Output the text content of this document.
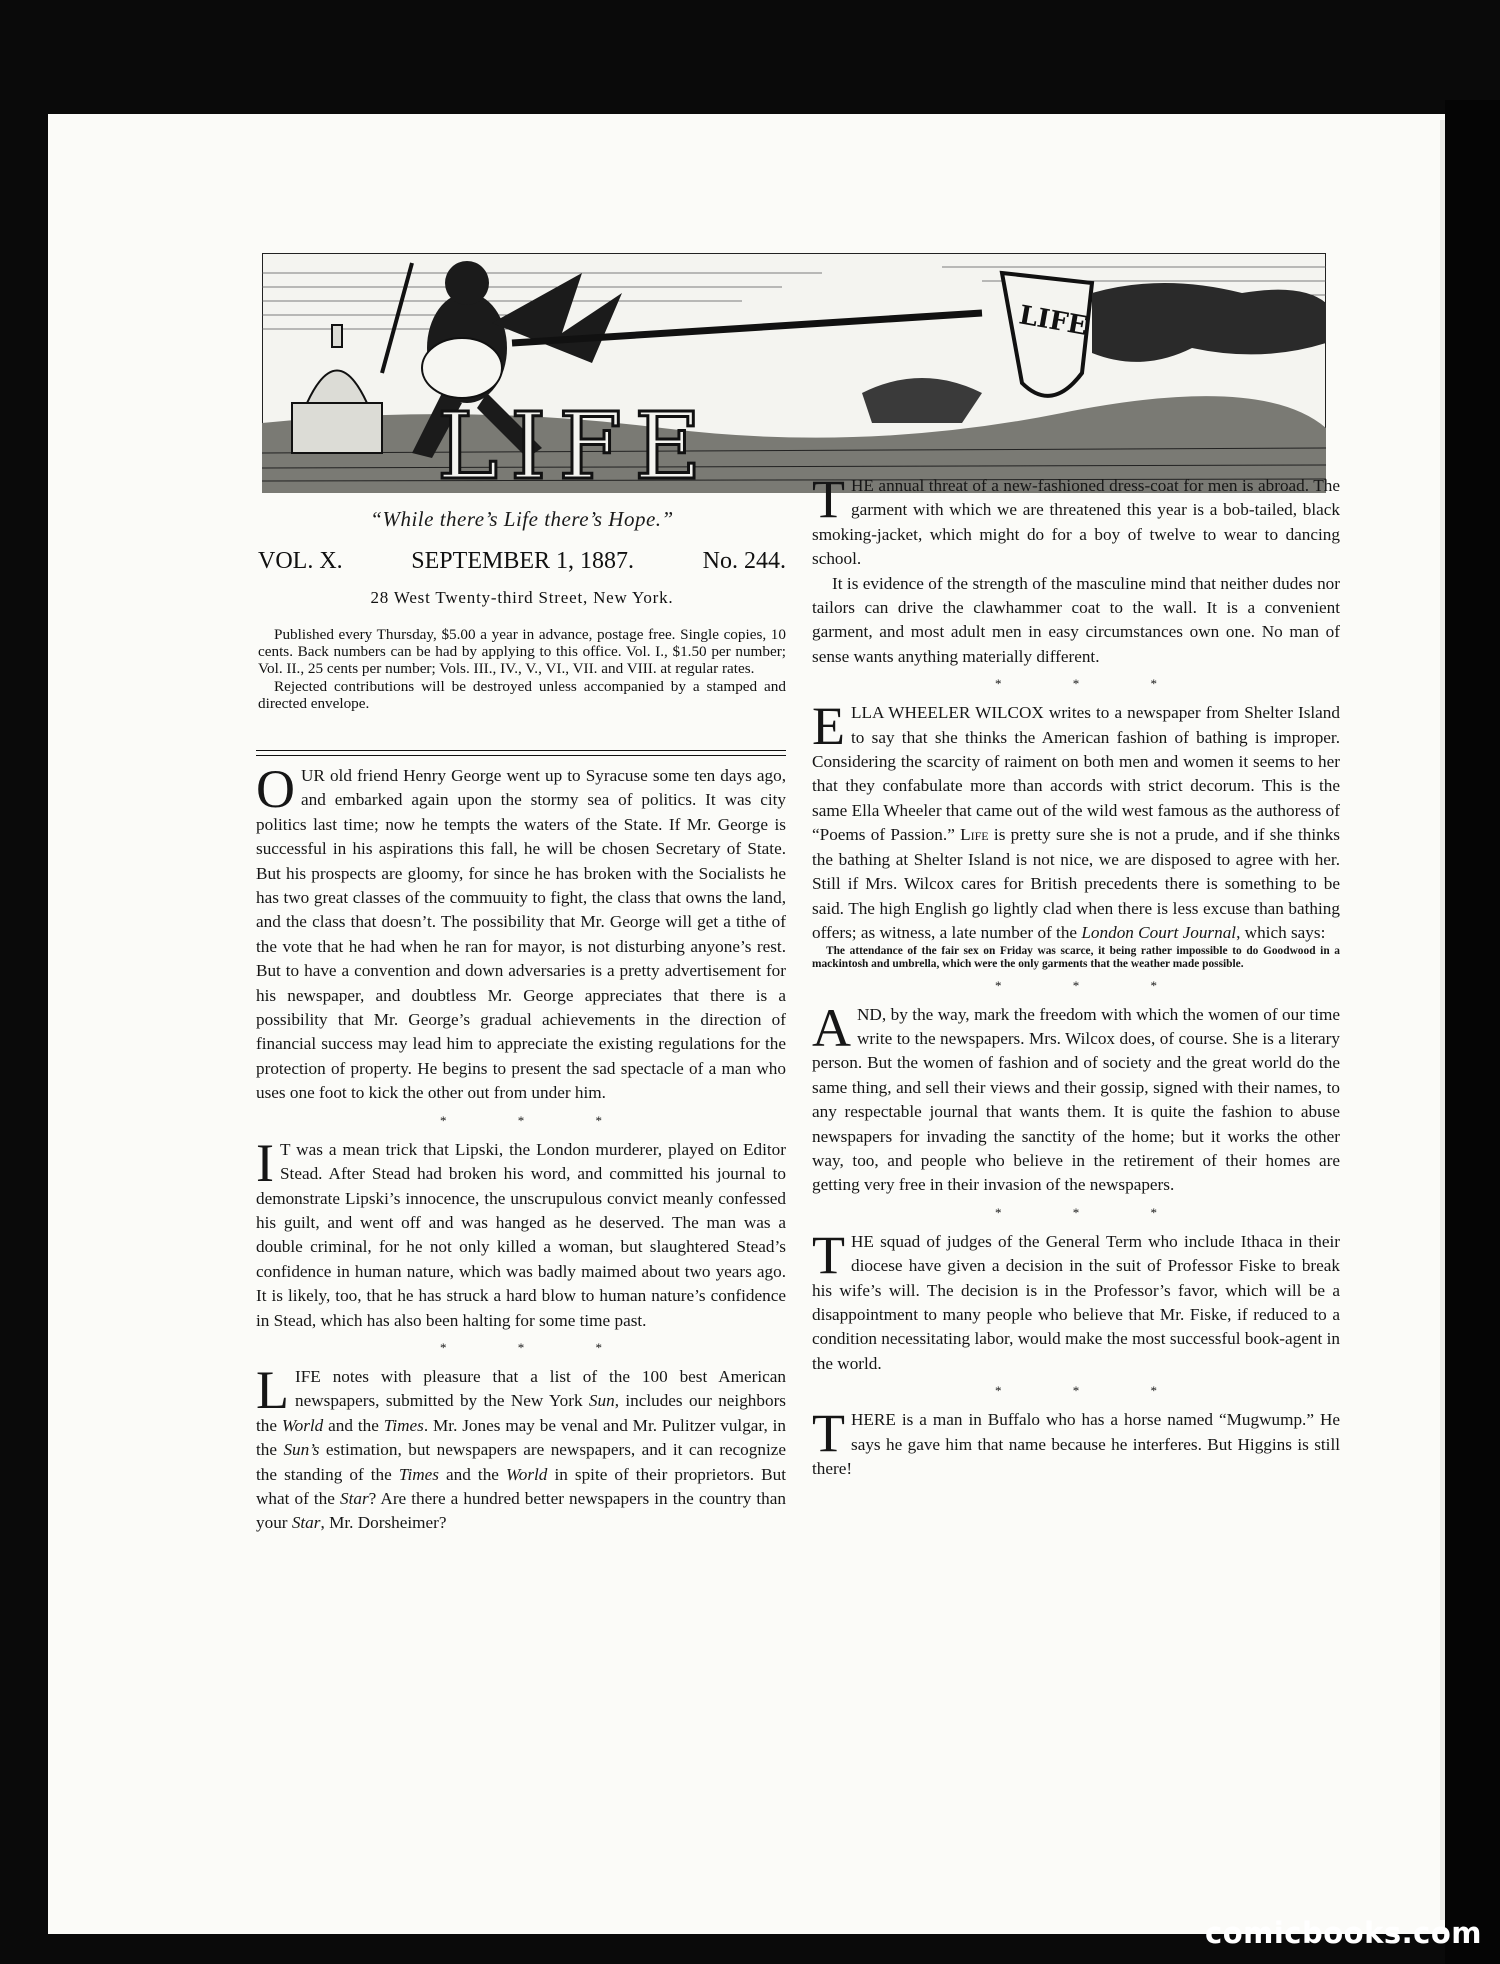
LIFE
LIFE
“While there’s Life there’s Hope.”
VOL. X.	SEPTEMBER 1, 1887.	No. 244.
28 West Twenty-third Street, New York.

Published every Thursday, $5.00 a year in advance, postage free. Single copies, 10 cents. Back numbers can be had by applying to this office. Vol. I., $1.50 per number; Vol. II., 25 cents per number; Vols. III., IV., V., VI., VII. and VIII. at regular rates.

Rejected contributions will be destroyed unless accompanied by a stamped and directed envelope.

OUR old friend Henry George went up to Syracuse some ten days ago, and embarked again upon the stormy sea of politics. It was city politics last time; now he tempts the waters of the State. If Mr. George is successful in his aspirations this fall, he will be chosen Secretary of State. But his prospects are gloomy, for since he has broken with the Socialists he has two great classes of the commuuity to fight, the class that owns the land, and the class that doesn’t. The possibility that Mr. George will get a tithe of the vote that he had when he ran for mayor, is not disturbing anyone’s rest. But to have a convention and down adversaries is a pretty advertisement for his newspaper, and doubtless Mr. George appreciates that there is a possibility that Mr. George’s gradual achievements in the direction of financial success may lead him to appreciate the existing regulations for the protection of property. He begins to present the sad spectacle of a man who uses one foot to kick the other out from under him.

* * *

I T was a mean trick that Lipski, the London murderer, played on Editor Stead. After Stead had broken his word, and committed his journal to demonstrate Lipski’s innocence, the unscrupulous convict meanly confessed his guilt, and went off and was hanged as he deserved. The man was a double criminal, for he not only killed a woman, but slaughtered Stead’s confidence in human nature, which was badly maimed about two years ago. It is likely, too, that he has struck a hard blow to human nature’s confidence in Stead, which has also been halting for some time past.

* * *

LIFE notes with pleasure that a list of the 100 best American newspapers, submitted by the New York Sun, includes our neighbors the World and the Times. Mr. Jones may be venal and Mr. Pulitzer vulgar, in the Sun’s estimation, but newspapers are newspapers, and it can recognize the standing of the Times and the World in spite of their proprietors. But what of the Star? Are there a hundred better newspapers in the country than your Star, Mr. Dorsheimer?

THE annual threat of a new-fashioned dress-coat for men is abroad. The garment with which we are threatened this year is a bob-tailed, black smoking-jacket, which might do for a boy of twelve to wear to dancing school.

It is evidence of the strength of the masculine mind that neither dudes nor tailors can drive the clawhammer coat to the wall. It is a convenient garment, and most adult men in easy circumstances own one. No man of sense wants anything materially different.

* * *

ELLA WHEELER WILCOX writes to a newspaper from Shelter Island to say that she thinks the American fashion of bathing is improper. Considering the scarcity of raiment on both men and women it seems to her that they confabulate more than accords with strict decorum. This is the same Ella Wheeler that came out of the wild west famous as the authoress of “Poems of Passion.” Life is pretty sure she is not a prude, and if she thinks the bathing at Shelter Island is not nice, we are disposed to agree with her. Still if Mrs. Wilcox cares for British precedents there is something to be said. The high English go lightly clad when there is less excuse than bathing offers; as witness, a late number of the London Court Journal, which says:

The attendance of the fair sex on Friday was scarce, it being rather impossible to do Goodwood in a mackintosh and umbrella, which were the only garments that the weather made possible.

* * *

AND, by the way, mark the freedom with which the women of our time write to the newspapers. Mrs. Wilcox does, of course. She is a literary person. But the women of fashion and of society and the great world do the same thing, and sell their views and their gossip, signed with their names, to any respectable journal that wants them. It is quite the fashion to abuse newspapers for invading the sanctity of the home; but it works the other way, too, and people who believe in the retirement of their homes are getting very free in their invasion of the newspapers.

* * *

THE squad of judges of the General Term who include Ithaca in their diocese have given a decision in the suit of Professor Fiske to break his wife’s will. The decision is in the Professor’s favor, which will be a disappointment to many people who believe that Mr. Fiske, if reduced to a condition necessitating labor, would make the most successful book-agent in the world.

* * *

THERE is a man in Buffalo who has a horse named “Mugwump.” He says he gave him that name because he interferes. But Higgins is still there!

comicbooks.com
